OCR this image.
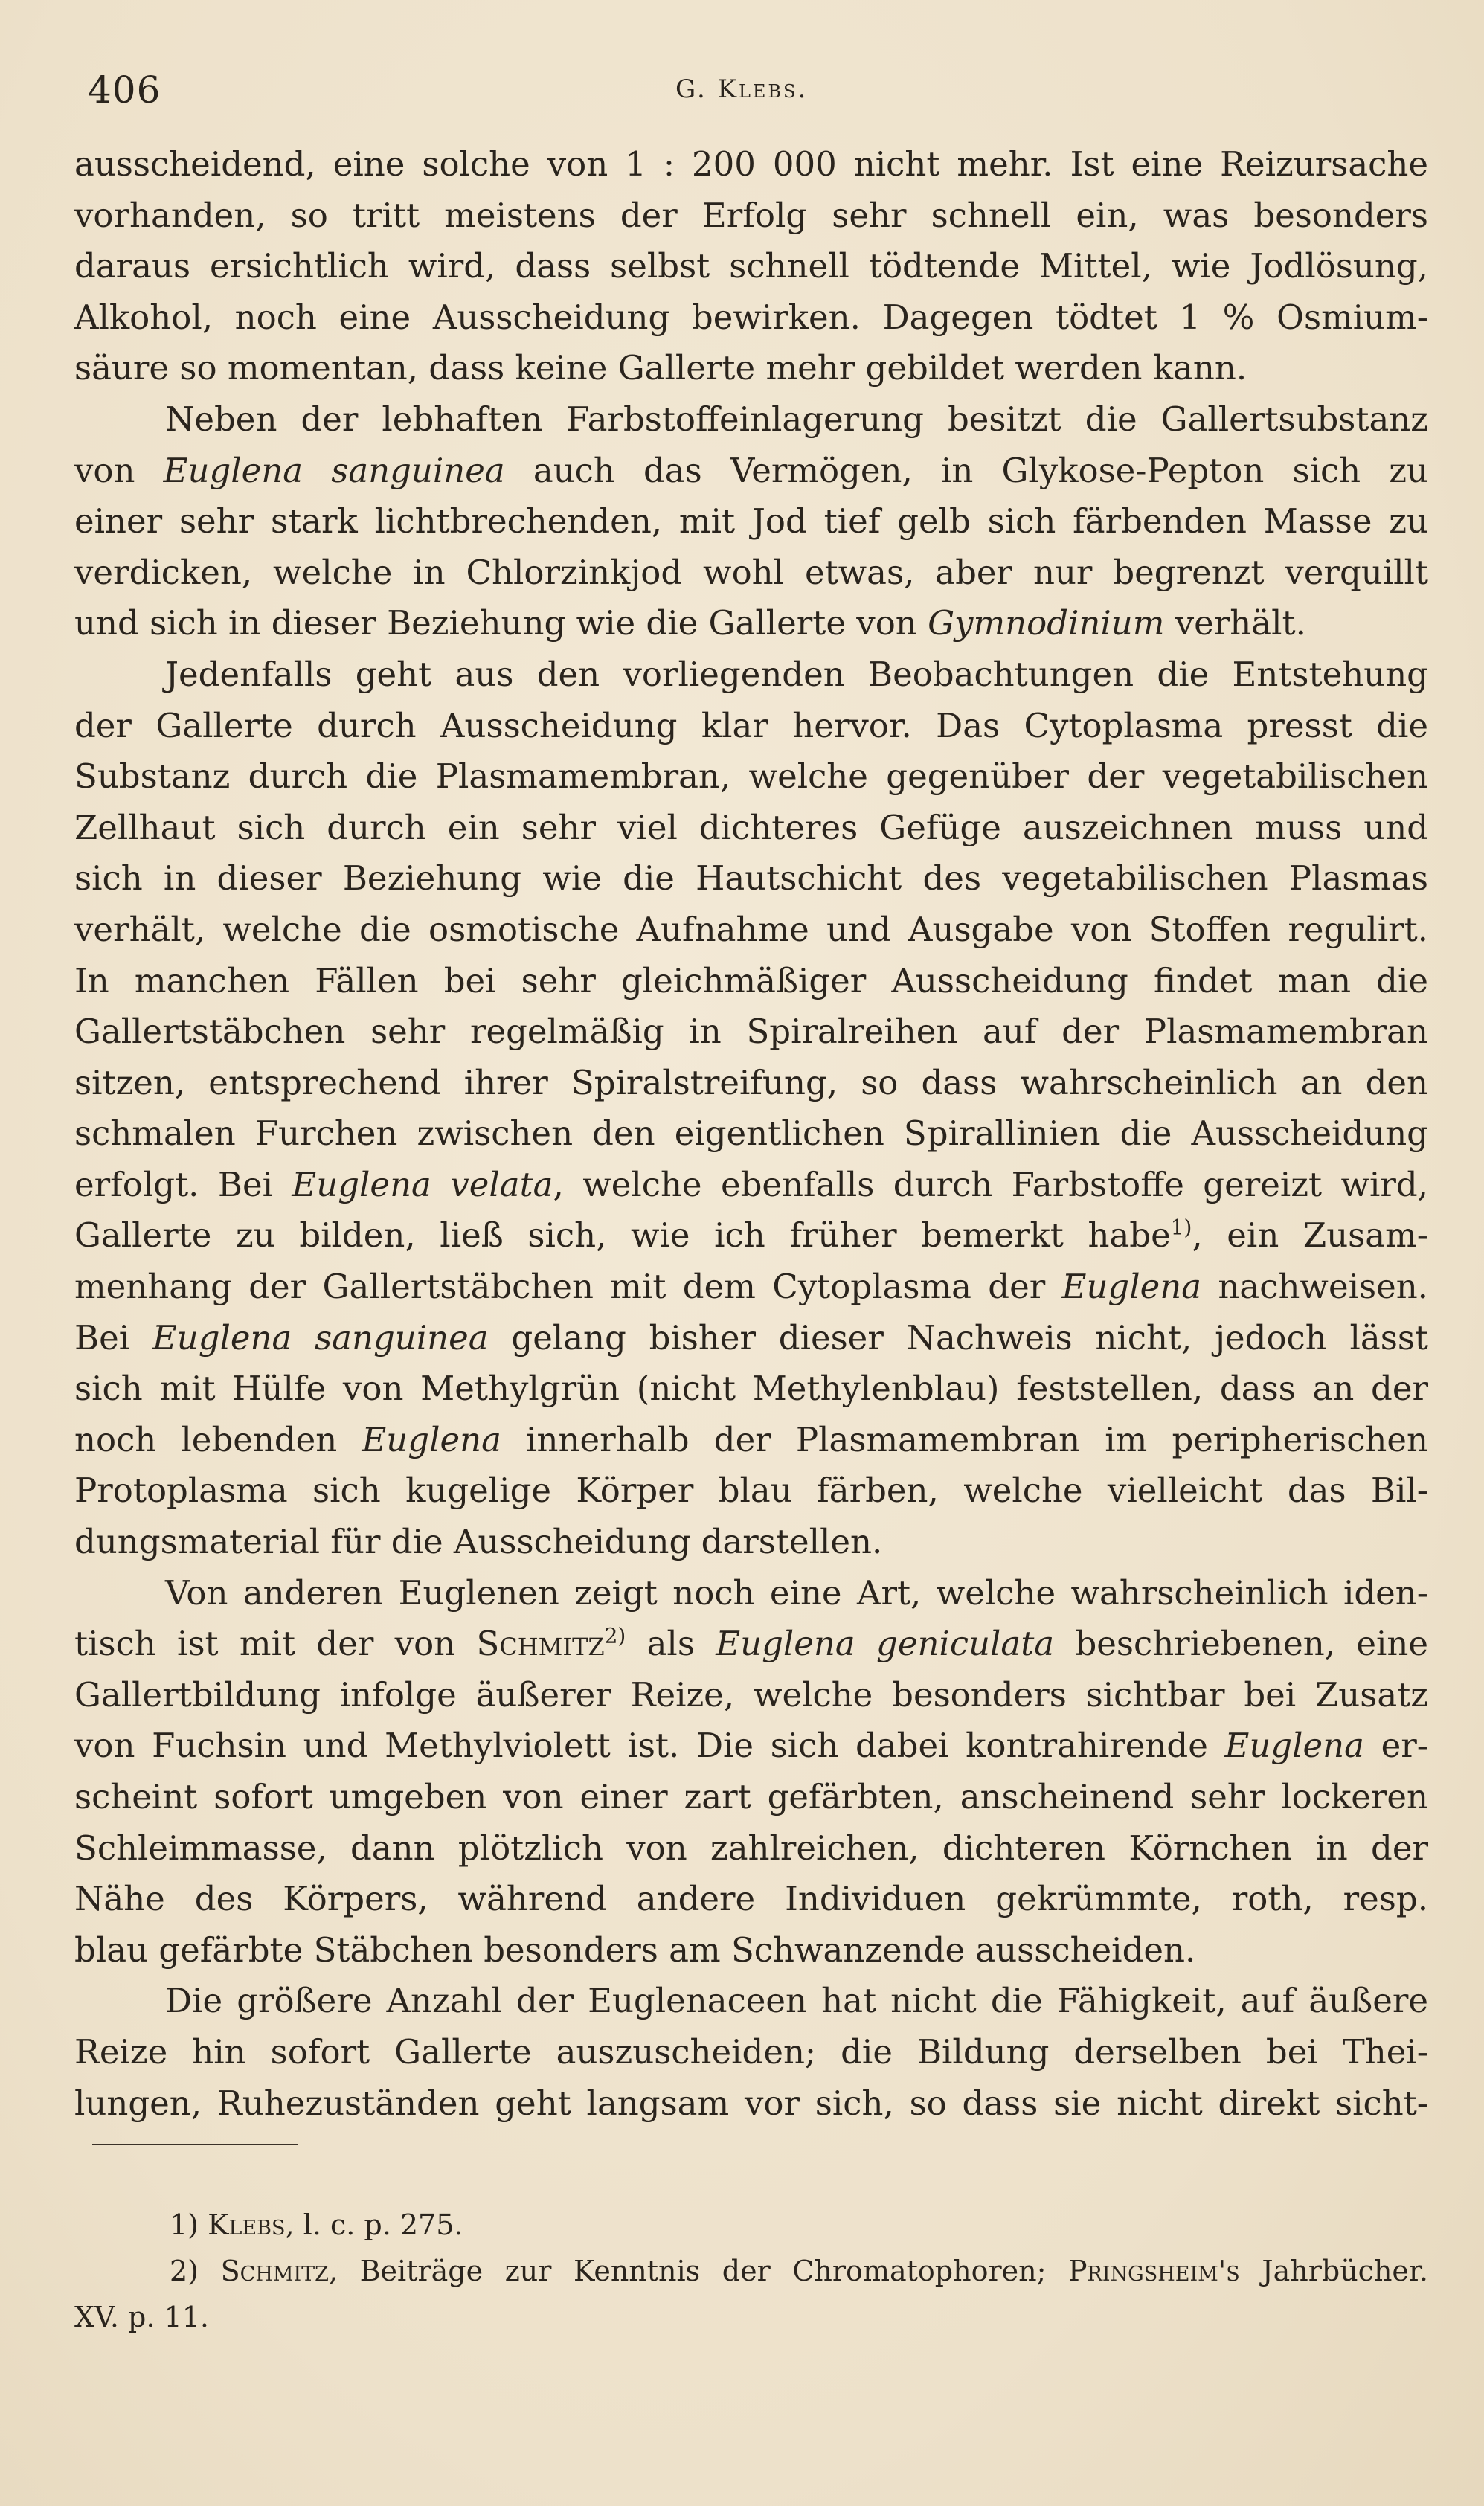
406	G. Klebs.
ausscheidend, eine solche von 1 : 200 000 nicht mehr. Ist eine Reizursache
vorhanden, so tritt meistens der Erfolg sehr schnell ein, was besonders
daraus ersichtlich wird, dass selbst schnell tödtende Mittel, wie Jodlösung,
Alkohol, noch eine Ausscheidung bewirken. Dagegen tödtet 1 % Osmium-
säure so momentan, dass keine Gallerte mehr gebildet werden kann.
Neben der lebhaften Farbstoffeinlagerung besitzt die Gallertsubstanz
von Euglena sanguinea auch das Vermögen, in Glykose-Pepton sich zu
einer sehr stark lichtbrechenden, mit Jod tief gelb sich färbenden Masse zu
verdicken, welche in Chlorzinkjod wohl etwas, aber nur begrenzt verquillt
und sich in dieser Beziehung wie die Gallerte von Gymnodinium verhält.
Jedenfalls geht aus den vorliegenden Beobachtungen die Entstehung
der Gallerte durch Ausscheidung klar hervor. Das Cytoplasma presst die
Substanz durch die Plasmamembran, welche gegenüber der vegetabilischen
Zellhaut sich durch ein sehr viel dichteres Gefüge auszeichnen muss und
sich in dieser Beziehung wie die Hautschicht des vegetabilischen Plasmas
verhält, welche die osmotische Aufnahme und Ausgabe von Stoffen regulirt.
In manchen Fällen bei sehr gleichmäßiger Ausscheidung findet man die
Gallertstäbchen sehr regelmäßig in Spiralreihen auf der Plasmamembran
sitzen, entsprechend ihrer Spiralstreifung, so dass wahrscheinlich an den
schmalen Furchen zwischen den eigentlichen Spirallinien die Ausscheidung
erfolgt. Bei Euglena velata, welche ebenfalls durch Farbstoffe gereizt wird,
Gallerte zu bilden, ließ sich, wie ich früher bemerkt habe$^{1)}$, ein Zusam-
menhang der Gallertstäbchen mit dem Cytoplasma der Euglena nachweisen.
Bei Euglena sanguinea gelang bisher dieser Nachweis nicht, jedoch lässt
sich mit Hülfe von Methylgrün (nicht Methylenblau) feststellen, dass an der
noch lebenden Euglena innerhalb der Plasmamembran im peripherischen
Protoplasma sich kugelige Körper blau färben, welche vielleicht das Bil-
dungsmaterial für die Ausscheidung darstellen.
Von anderen Euglenen zeigt noch eine Art, welche wahrscheinlich iden-
tisch ist mit der von Schmitz$^{2)}$ als Euglena geniculata beschriebenen, eine
Gallertbildung infolge äußerer Reize, welche besonders sichtbar bei Zusatz
von Fuchsin und Methylviolett ist. Die sich dabei kontrahirende Euglena er-
scheint sofort umgeben von einer zart gefärbten, anscheinend sehr lockeren
Schleimmasse, dann plötzlich von zahlreichen, dichteren Körnchen in der
Nähe des Körpers, während andere Individuen gekrümmte, roth, resp.
blau gefärbte Stäbchen besonders am Schwanzende ausscheiden.
Die größere Anzahl der Euglenaceen hat nicht die Fähigkeit, auf äußere
Reize hin sofort Gallerte auszuscheiden; die Bildung derselben bei Thei-
lungen, Ruhezuständen geht langsam vor sich, so dass sie nicht direkt sicht-
1) Klebs, l. c. p. 275.
2) Schmitz, Beiträge zur Kenntnis der Chromatophoren; Pringsheim's Jahrbücher.
XV. p. 11.
